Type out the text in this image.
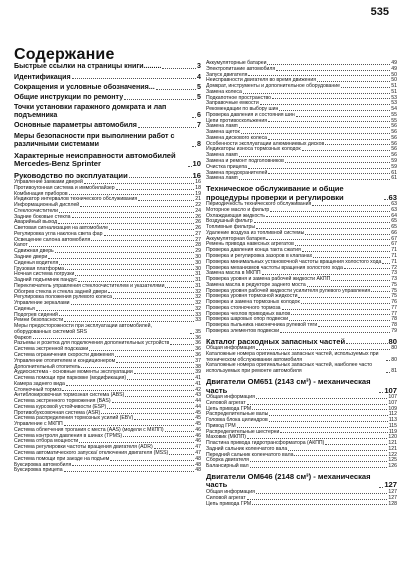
535
Содержание
Быстрые ссылки на страницы книги.........	3
Идентификация	4
Сокращения и условные обозначения...	5
Общие инструкции по ремонту	5
Точки установки гаражного домкрата и лап подъемника	6
Основные параметры автомобиля	7
Меры безопасности при выполнении работ с различными системами	8
Характерные неисправности автомобилей Mercedes-Benz Sprinter	10
Руководство по эксплуатации	16
Управление замками дверей	16
Противоугонная система и иммобилайзер	18
Комбинация приборов	19
Индикатор интервалов технического обслуживания	21
Информационный дисплей	22
Стеклоочистители	24
Задние боковые стекла	26
Аварийный выход	26
Световая сигнализация на автомобиле	26
Регулировка угла наклона света фар	27
Освещение салона автомобиля	27
Капот	28
Сдвижная дверь	29
Задние двери	30
Сиденья водителя	30
Грузовая платформа	30
Ночная система погрузки	31
Задний подъемник пандус	31
Переключатель управления стеклоочистителем и указателями	31
Обогрев стекла и стекла задней двери	32
Регулировка положения рулевого колеса	32
Управление зеркалами	32
Сиденья	32
Подогрев сидений	33
Ремни безопасности	33
Меры предосторожности при эксплуатации автомобилей, оборудованных системой SRS	35
Фаркоп	36
Разъемы и розетка для подключения дополнительных устройств	36
Система экстренной подсказки	36
Система ограничения скорости движения	36
Управление отопителем и кондиционером	37
Дополнительный отопитель	38
Аудиосистема - основные моменты эксплуатации	39
Система помощи при парковке (модификация)	41
Камера заднего вида	41
Стояночный тормоз	42
Антиблокировочная тормозная система (ABS)	43
Система экстренного торможения (BAS)	44
Система курсовой устойчивости (ESP)	44
Противобуксовочная система (ASR)	45
Система распределения тормозных усилий (EBV)	45
Управление с МКПП	45
Система облегчения трогания с места (AAS) (модели с МКПП)	46
Система контроля давления в шинах (TPMS)	46
Система отбора мощности	46
Система регулировки частоты вращения двигателя (ADR)	47
Система автоматического запуска/ отключения двигателя (MSS)	47
Система помощи при заезде на подъем	48
Буксировка автомобиля	48
Буксировка прицепа	48
Аккумуляторные батареи	49
Электропитание автомобиля	49
Запуск двигателя	50
Неисправности двигателя во время движения	50
Домкрат, инструменты и дополнительное оборудование	51
Замена колеса	51
Подкапотное пространство	53
Заправочные емкости	53
Рекомендации по выбору шин	54
Проверка давления и состояния шин	55
Цепи противоскольжения	55
Замена ламп	56
Замена щеток	56
Замена дискового колеса	56
Особенности эксплуатации алюминиевых дисков	56
Индикаторы износа тормозных колодок	56
Замена ламп	56
Замена и ремонт подголовников	59
Очистка прицепа	59
Замена предохранителей	61
Замена ламп	61
Техническое обслуживание и общие процедуры проверки и регулировки	63
Периодичность технического обслуживания	63
Моторное масло и фильтр	63
Охлаждающая жидкость	64
Воздушный фильтр	65
Топливные фильтры	65
Удаление воздуха из топливной системы	66
Аккумуляторная батарея	67
Ремень привода навесных агрегатов	67
Проверка давления конца такта сжатия	71
Проверка и регулировка зазоров в клапанах	71
Проверка минимальных установочной частоты вращения холостого хода 71
Проверка механизмов частоты вращения холостого хода	72
Замена масла в МКПП	73
Проверка уровня и замена рабочей жидкости АКПП	73
Замена масла в редукторе заднего моста	75
Проверка уровня рабочей жидкости усилителя рулевого управления	75
Проверка уровня тормозной жидкости	75
Проверка и замена тормозных колодок	76
Проверка стояночного тормоза	77
Проверка чехлов приводных валов	77
Проверка шаровых опор подвески	78
Проверка пыльника наконечника рулевой тяги	78
Проверка элементов подвески	79
Каталог расходных запасных частей	80
Общая информация	80
Каталожные номера оригинальных запасных частей, используемых при техническом обслуживании автомобиля	80
Каталожные номера оригинальных запасных частей, наиболее часто используемых при ремонте автомобиля	81
Двигатели ОМ651 (2143 см³) - механическая часть	107
Общая информация	107
Силовой агрегат	107
Цепь привода ГРМ	109
Распределительные валы	112
Головка блока цилиндров	113
Привод ГРМ	115
Распределительные шестерни	119
Маховик (МКПП)	120
Пластина привода гидротрансформатора (АКПП)	121
Задний сальник коленчатого вала	121
Передний сальник коленчатого вала	122
Сборка двигателя	125
Балансирный вал	126
Двигатели ОМ646 (2148 см³) - механическая часть	127
Общая информация	127
Силовой агрегат	127
Цепь привода ГРМ	128
